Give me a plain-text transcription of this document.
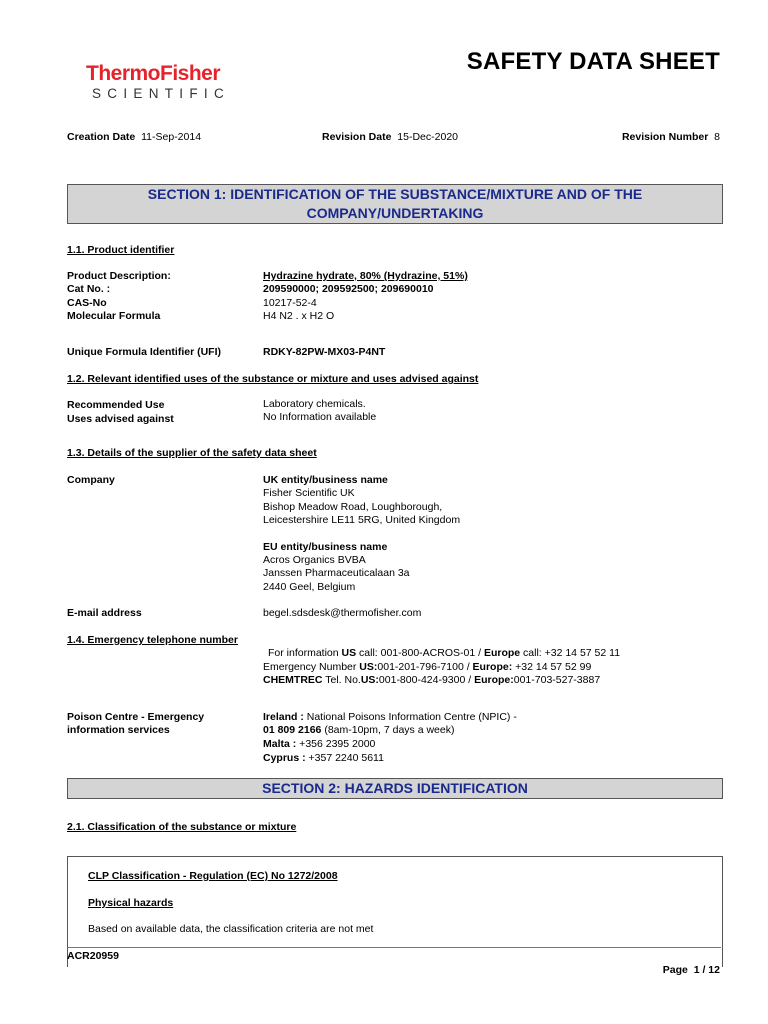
ThermoFisher
SCIENTIFIC
SAFETY DATA SHEET
Creation Date 11-Sep-2014	Revision Date 15-Dec-2020	Revision Number 8
SECTION 1: IDENTIFICATION OF THE SUBSTANCE/MIXTURE AND OF THE
COMPANY/UNDERTAKING
1.1. Product identifier
Product Description:	Hydrazine hydrate, 80% (Hydrazine, 51%)
Cat No. :	209590000; 209592500; 209690010
CAS-No	10217-52-4
Molecular Formula	H4 N2 . x H2 O
Unique Formula Identifier (UFI)	RDKY-82PW-MX03-P4NT
1.2. Relevant identified uses of the substance or mixture and uses advised against
Recommended Use	Laboratory chemicals.
Uses advised against	No Information available
1.3. Details of the supplier of the safety data sheet
Company	UK entity/business name
Fisher Scientific UK
Bishop Meadow Road, Loughborough,
Leicestershire LE11 5RG, United Kingdom
EU entity/business name
Acros Organics BVBA
Janssen Pharmaceuticalaan 3a
2440 Geel, Belgium
E-mail address	begel.sdsdesk@thermofisher.com
1.4. Emergency telephone number
For information US call: 001-800-ACROS-01 / Europe call: +32 14 57 52 11
Emergency Number US:001-201-796-7100 / Europe: +32 14 57 52 99
CHEMTREC Tel. No.US:001-800-424-9300 / Europe:001-703-527-3887
Poison Centre - Emergency
information services
Ireland : National Poisons Information Centre (NPIC) -
01 809 2166 (8am-10pm, 7 days a week)
Malta : +356 2395 2000
Cyprus : +357 2240 5611
SECTION 2: HAZARDS IDENTIFICATION
2.1. Classification of the substance or mixture
CLP Classification - Regulation (EC) No 1272/2008
Physical hazards
Based on available data, the classification criteria are not met
ACR20959
Page 1 / 12
